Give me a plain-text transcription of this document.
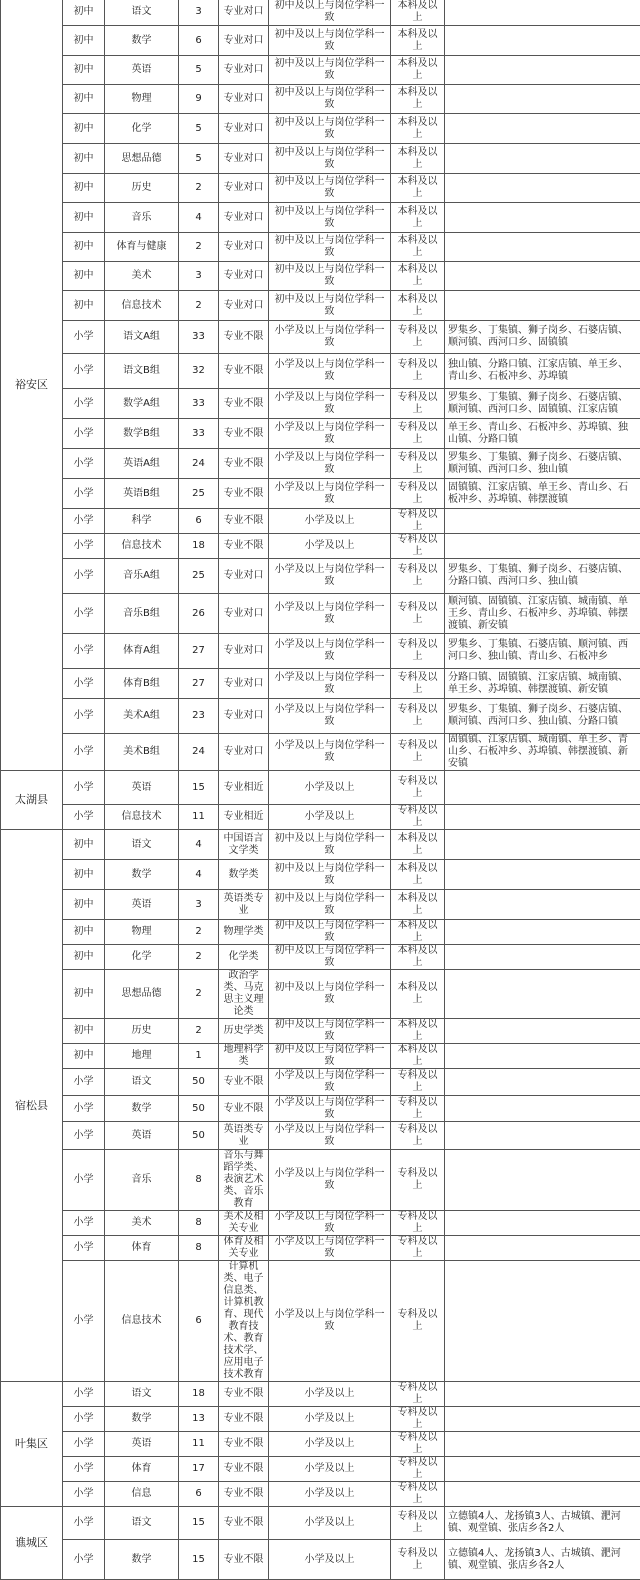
裕安区	初中	语文	3	专业对口	初中及以上与岗位学科一致	本科及以上	
	初中	数学	6	专业对口	初中及以上与岗位学科一致	本科及以上	
	初中	英语	5	专业对口	初中及以上与岗位学科一致	本科及以上	
	初中	物理	9	专业对口	初中及以上与岗位学科一致	本科及以上	
	初中	化学	5	专业对口	初中及以上与岗位学科一致	本科及以上	
	初中	思想品德	5	专业对口	初中及以上与岗位学科一致	本科及以上	
	初中	历史	2	专业对口	初中及以上与岗位学科一致	本科及以上	
	初中	音乐	4	专业对口	初中及以上与岗位学科一致	本科及以上	
	初中	体育与健康	2	专业对口	初中及以上与岗位学科一致	本科及以上	
	初中	美术	3	专业对口	初中及以上与岗位学科一致	本科及以上	
	初中	信息技术	2	专业对口	初中及以上与岗位学科一致	本科及以上	
	小学	语文A组	33	专业不限	小学及以上与岗位学科一致	专科及以上	罗集乡、丁集镇、狮子岗乡、石婆店镇、顺河镇、西河口乡、固镇镇
	小学	语文B组	32	专业不限	小学及以上与岗位学科一致	专科及以上	独山镇、分路口镇、江家店镇、单王乡、青山乡、石板冲乡、苏埠镇
	小学	数学A组	33	专业不限	小学及以上与岗位学科一致	专科及以上	罗集乡、丁集镇、狮子岗乡、石婆店镇、顺河镇、西河口乡、固镇镇、江家店镇
	小学	数学B组	33	专业不限	小学及以上与岗位学科一致	专科及以上	单王乡、青山乡、石板冲乡、苏埠镇、独山镇、分路口镇
	小学	英语A组	24	专业不限	小学及以上与岗位学科一致	专科及以上	罗集乡、丁集镇、狮子岗乡、石婆店镇、顺河镇、西河口乡、独山镇
	小学	英语B组	25	专业不限	小学及以上与岗位学科一致	专科及以上	固镇镇、江家店镇、单王乡、青山乡、石板冲乡、苏埠镇、韩摆渡镇
	小学	科学	6	专业不限	小学及以上	专科及以上	
	小学	信息技术	18	专业不限	小学及以上	专科及以上	
	小学	音乐A组	25	专业对口	小学及以上与岗位学科一致	专科及以上	罗集乡、丁集镇、狮子岗乡、石婆店镇、分路口镇、西河口乡、独山镇
	小学	音乐B组	26	专业对口	小学及以上与岗位学科一致	专科及以上	顺河镇、固镇镇、江家店镇、城南镇、单王乡、青山乡、石板冲乡、苏埠镇、韩摆渡镇、新安镇
	小学	体育A组	27	专业对口	小学及以上与岗位学科一致	专科及以上	罗集乡、丁集镇、石婆店镇、顺河镇、西河口乡、独山镇、青山乡、石板冲乡
	小学	体育B组	27	专业对口	小学及以上与岗位学科一致	专科及以上	分路口镇、固镇镇、江家店镇、城南镇、单王乡、苏埠镇、韩摆渡镇、新安镇
	小学	美术A组	23	专业对口	小学及以上与岗位学科一致	专科及以上	罗集乡、丁集镇、狮子岗乡、石婆店镇、顺河镇、西河口乡、独山镇、分路口镇
	小学	美术B组	24	专业对口	小学及以上与岗位学科一致	专科及以上	固镇镇、江家店镇、城南镇、单王乡、青山乡、石板冲乡、苏埠镇、韩摆渡镇、新安镇
太湖县	小学	英语	15	专业相近	小学及以上	专科及以上	
	小学	信息技术	11	专业相近	小学及以上	专科及以上	
宿松县	初中	语文	4	中国语言文学类	初中及以上与岗位学科一致	本科及以上	
	初中	数学	4	数学类	初中及以上与岗位学科一致	本科及以上	
	初中	英语	3	英语类专业	初中及以上与岗位学科一致	本科及以上	
	初中	物理	2	物理学类	初中及以上与岗位学科一致	本科及以上	
	初中	化学	2	化学类	初中及以上与岗位学科一致	本科及以上	
	初中	思想品德	2	政治学类、马克思主义理论类	初中及以上与岗位学科一致	本科及以上	
	初中	历史	2	历史学类	初中及以上与岗位学科一致	本科及以上	
	初中	地理	1	地理科学类	初中及以上与岗位学科一致	本科及以上	
	小学	语文	50	专业不限	小学及以上与岗位学科一致	专科及以上	
	小学	数学	50	专业不限	小学及以上与岗位学科一致	专科及以上	
	小学	英语	50	英语类专业	小学及以上与岗位学科一致	专科及以上	
	小学	音乐	8	音乐与舞蹈学类、表演艺术类、音乐教育	小学及以上与岗位学科一致	专科及以上	
	小学	美术	8	美术及相关专业	小学及以上与岗位学科一致	专科及以上	
	小学	体育	8	体育及相关专业	小学及以上与岗位学科一致	专科及以上	
	小学	信息技术	6	计算机类、电子信息类、计算机教育、现代教育技术、教育技术学、应用电子技术教育	小学及以上与岗位学科一致	专科及以上	
叶集区	小学	语文	18	专业不限	小学及以上	专科及以上	
	小学	数学	13	专业不限	小学及以上	专科及以上	
	小学	英语	11	专业不限	小学及以上	专科及以上	
	小学	体育	17	专业不限	小学及以上	专科及以上	
	小学	信息	6	专业不限	小学及以上	专科及以上	
谯城区	小学	语文	15	专业不限	小学及以上	专科及以上	立德镇4人、龙扬镇3人、古城镇、淝河镇、观堂镇、张店乡各2人
	小学	数学	15	专业不限	小学及以上	专科及以上	立德镇4人、龙扬镇3人、古城镇、淝河镇、观堂镇、张店乡各2人
